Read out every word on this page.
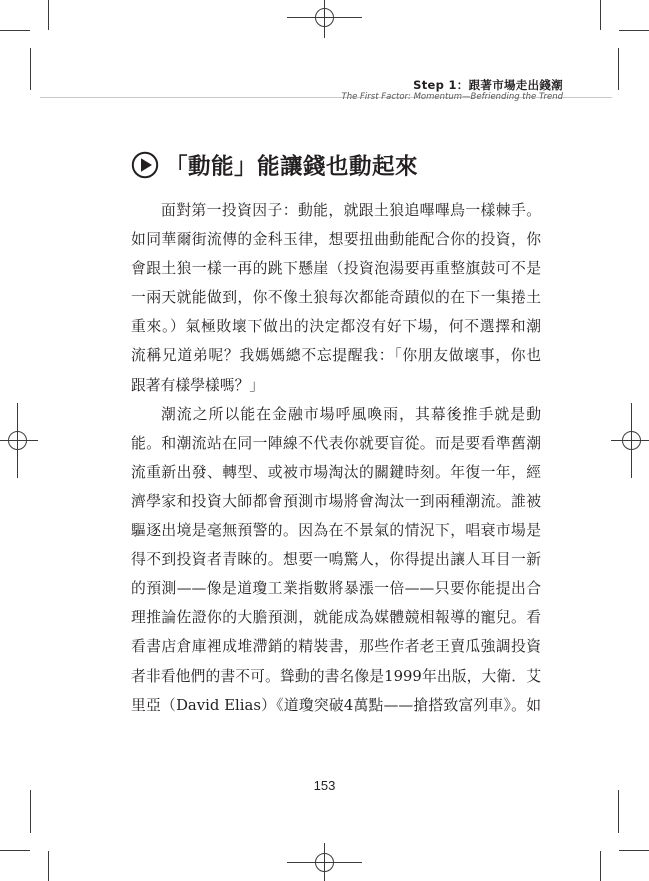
Step 1：跟著市場走出錢潮
The First Factor: Momentum—Befriending the Trend
「動能」能讓錢也動起來
面對第一投資因子：動能，就跟土狼追嗶嗶鳥一樣棘手。
如同華爾街流傳的金科玉律，想要扭曲動能配合你的投資，你
會跟土狼一樣一再的跳下懸崖（投資泡湯要再重整旗鼓可不是
一兩天就能做到，你不像土狼每次都能奇蹟似的在下一集捲土
重來。）氣極敗壞下做出的決定都沒有好下場，何不選擇和潮
流稱兄道弟呢？我媽媽總不忘提醒我：「你朋友做壞事，你也
跟著有樣學樣嗎？」
潮流之所以能在金融市場呼風喚雨，其幕後推手就是動
能。和潮流站在同一陣線不代表你就要盲從。而是要看準舊潮
流重新出發、轉型、或被市場淘汰的關鍵時刻。年復一年，經
濟學家和投資大師都會預測市場將會淘汰一到兩種潮流。誰被
驅逐出境是毫無預警的。因為在不景氣的情況下，唱衰市場是
得不到投資者青睞的。想要一鳴驚人，你得提出讓人耳目一新
的預測——像是道瓊工業指數將暴漲一倍——只要你能提出合
理推論佐證你的大膽預測，就能成為媒體競相報導的寵兒。看
看書店倉庫裡成堆滯銷的精裝書，那些作者老王賣瓜強調投資
者非看他們的書不可。聳動的書名像是1999年出版，大衛．艾
里亞（David Elias）《道瓊突破4萬點——搶搭致富列車》。如
153
